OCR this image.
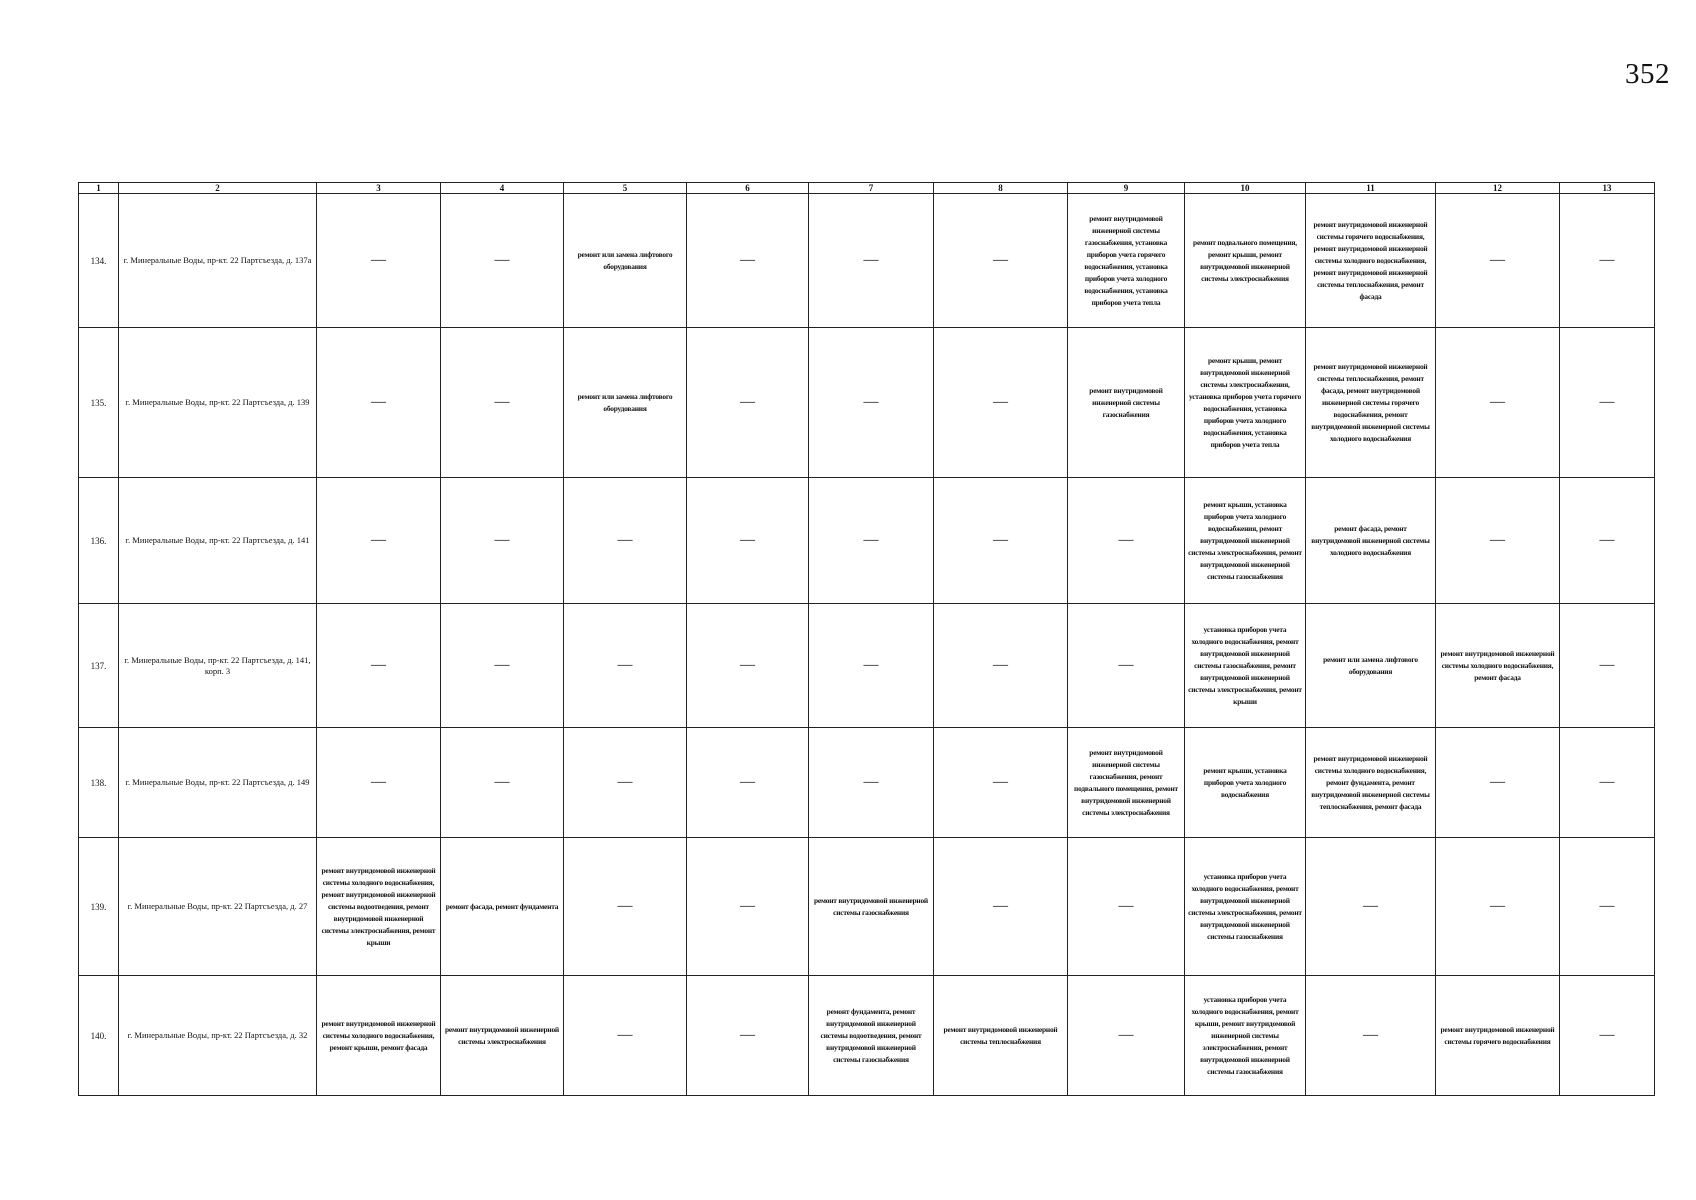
352
1	2	3	4	5	6	7	8	9	10	11	12	13
134.	г. Минеральные Воды, пр-кт. 22 Партсъезда, д. 137а	—	—	ремонт или замена лифтового оборудования	—	—	—	ремонт внутридомовой инженерной системы газоснабжения, установка приборов учета горячего водоснабжения, установка приборов учета холодного водоснабжения, установка приборов учета тепла	ремонт подвального помещения, ремонт крыши, ремонт внутридомовой инженерной системы электроснабжения	ремонт внутридомовой инженерной системы горячего водоснабжения, ремонт внутридомовой инженерной системы холодного водоснабжения, ремонт внутридомовой инженерной системы теплоснабжения, ремонт фасада	—	—
135.	г. Минеральные Воды, пр-кт. 22 Партсъезда, д. 139	—	—	ремонт или замена лифтового оборудования	—	—	—	ремонт внутридомовой инженерной системы газоснабжения	ремонт крыши, ремонт внутридомовой инженерной системы электроснабжения, установка приборов учета горячего водоснабжения, установка приборов учета холодного водоснабжения, установка приборов учета тепла	ремонт внутридомовой инженерной системы теплоснабжения, ремонт фасада, ремонт внутридомовой инженерной системы горячего водоснабжения, ремонт внутридомовой инженерной системы холодного водоснабжения	—	—
136.	г. Минеральные Воды, пр-кт. 22 Партсъезда, д. 141	—	—	—	—	—	—	—	ремонт крыши, установка приборов учета холодного водоснабжения, ремонт внутридомовой инженерной системы электроснабжения, ремонт внутридомовой инженерной системы газоснабжения	ремонт фасада, ремонт внутридомовой инженерной системы холодного водоснабжения	—	—
137.	г. Минеральные Воды, пр-кт. 22 Партсъезда, д. 141, корп. 3	—	—	—	—	—	—	—	установка приборов учета холодного водоснабжения, ремонт внутридомовой инженерной системы газоснабжения, ремонт внутридомовой инженерной системы электроснабжения, ремонт крыши	ремонт или замена лифтового оборудования	ремонт внутридомовой инженерной системы холодного водоснабжения, ремонт фасада	—
138.	г. Минеральные Воды, пр-кт. 22 Партсъезда, д. 149	—	—	—	—	—	—	ремонт внутридомовой инженерной системы газоснабжения, ремонт подвального помещения, ремонт внутридомовой инженерной системы электроснабжения	ремонт крыши, установка приборов учета холодного водоснабжения	ремонт внутридомовой инженерной системы холодного водоснабжения, ремонт фундамента, ремонт внутридомовой инженерной системы теплоснабжения, ремонт фасада	—	—
139.	г. Минеральные Воды, пр-кт. 22 Партсъезда, д. 27	ремонт внутридомовой инженерной системы холодного водоснабжения, ремонт внутридомовой инженерной системы водоотведения, ремонт внутридомовой инженерной системы электроснабжения, ремонт крыши	ремонт фасада, ремонт фундамента	—	—	ремонт внутридомовой инженерной системы газоснабжения	—	—	установка приборов учета холодного водоснабжения, ремонт внутридомовой инженерной системы электроснабжения, ремонт внутридомовой инженерной системы газоснабжения	—	—	—
140.	г. Минеральные Воды, пр-кт. 22 Партсъезда, д. 32	ремонт внутридомовой инженерной системы холодного водоснабжения, ремонт крыши, ремонт фасада	ремонт внутридомовой инженерной системы электроснабжения	—	—	ремонт фундамента, ремонт внутридомовой инженерной системы водоотведения, ремонт внутридомовой инженерной системы газоснабжения	ремонт внутридомовой инженерной системы теплоснабжения	—	установка приборов учета холодного водоснабжения, ремонт крыши, ремонт внутридомовой инженерной системы электроснабжения, ремонт внутридомовой инженерной системы газоснабжения	—	ремонт внутридомовой инженерной системы горячего водоснабжения	—
